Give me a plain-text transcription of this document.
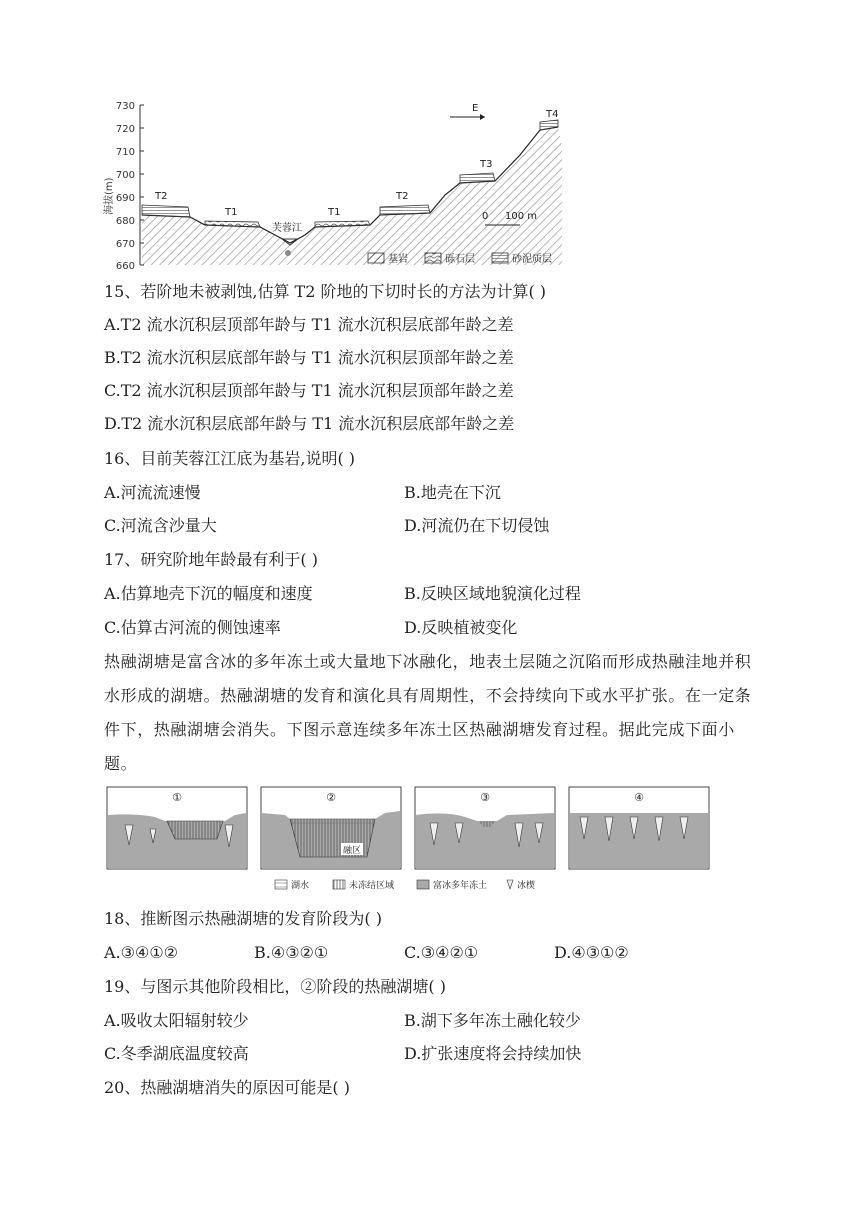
730
720
710
700
690
680
670
660
海拔(m)	T2
T1	T1
T2
T3
T4
芙蓉江
E
0 100 m
基岩	砾石层	砂泥质层
15、若阶地未被剥蚀,估算 T2 阶地的下切时长的方法为计算( )
A.T2 流水沉积层顶部年龄与 T1 流水沉积层底部年龄之差
B.T2 流水沉积层底部年龄与 T1 流水沉积层顶部年龄之差
C.T2 流水沉积层顶部年龄与 T1 流水沉积层顶部年龄之差
D.T2 流水沉积层底部年龄与 T1 流水沉积层底部年龄之差
16、目前芙蓉江江底为基岩,说明( )
A.河流流速慢	B.地壳在下沉
C.河流含沙量大	D.河流仍在下切侵蚀
17、研究阶地年龄最有利于( )
A.估算地壳下沉的幅度和速度	B.反映区域地貌演化过程
C.估算古河流的侧蚀速率	D.反映植被变化
热融湖塘是富含冰的多年冻土或大量地下冰融化，地表土层随之沉陷而形成热融洼地并积水形成的湖塘。热融湖塘的发育和演化具有周期性，不会持续向下或水平扩张。在一定条件下，热融湖塘会消失。下图示意连续多年冻土区热融湖塘发育过程。据此完成下面小题。
①
融区
②	③	④
湖水	未冻结区域	富冰多年冻土	冰楔
18、推断图示热融湖塘的发育阶段为( )
A.③④①②	B.④③②①	C.③④②①	D.④③①②
19、与图示其他阶段相比，②阶段的热融湖塘( )
A.吸收太阳辐射较少	B.湖下多年冻土融化较少
C.冬季湖底温度较高	D.扩张速度将会持续加快
20、热融湖塘消失的原因可能是( )
